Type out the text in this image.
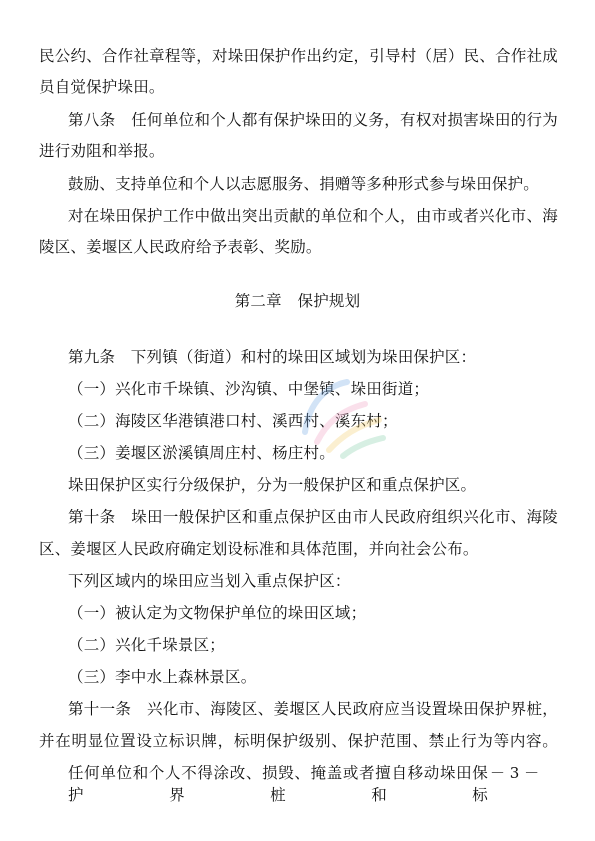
民公约、合作社章程等，对垛田保护作出约定，引导村（居）民、合作社成
员自觉保护垛田。
第八条　任何单位和个人都有保护垛田的义务，有权对损害垛田的行为
进行劝阻和举报。
鼓励、支持单位和个人以志愿服务、捐赠等多种形式参与垛田保护。
对在垛田保护工作中做出突出贡献的单位和个人，由市或者兴化市、海
陵区、姜堰区人民政府给予表彰、奖励。
第二章　保护规划
第九条　下列镇（街道）和村的垛田区域划为垛田保护区：
（一）兴化市千垛镇、沙沟镇、中堡镇、垛田街道；
（二）海陵区华港镇港口村、溪西村、溪东村；
（三）姜堰区淤溪镇周庄村、杨庄村。
垛田保护区实行分级保护，分为一般保护区和重点保护区。
第十条　垛田一般保护区和重点保护区由市人民政府组织兴化市、海陵
区、姜堰区人民政府确定划设标准和具体范围，并向社会公布。
下列区域内的垛田应当划入重点保护区：
（一）被认定为文物保护单位的垛田区域；
（二）兴化千垛景区；
（三）李中水上森林景区。
第十一条　兴化市、海陵区、姜堰区人民政府应当设置垛田保护界桩，
并在明显位置设立标识牌，标明保护级别、保护范围、禁止行为等内容。
任何单位和个人不得涂改、损毁、掩盖或者擅自移动垛田保护界桩和标
－ 3 －
